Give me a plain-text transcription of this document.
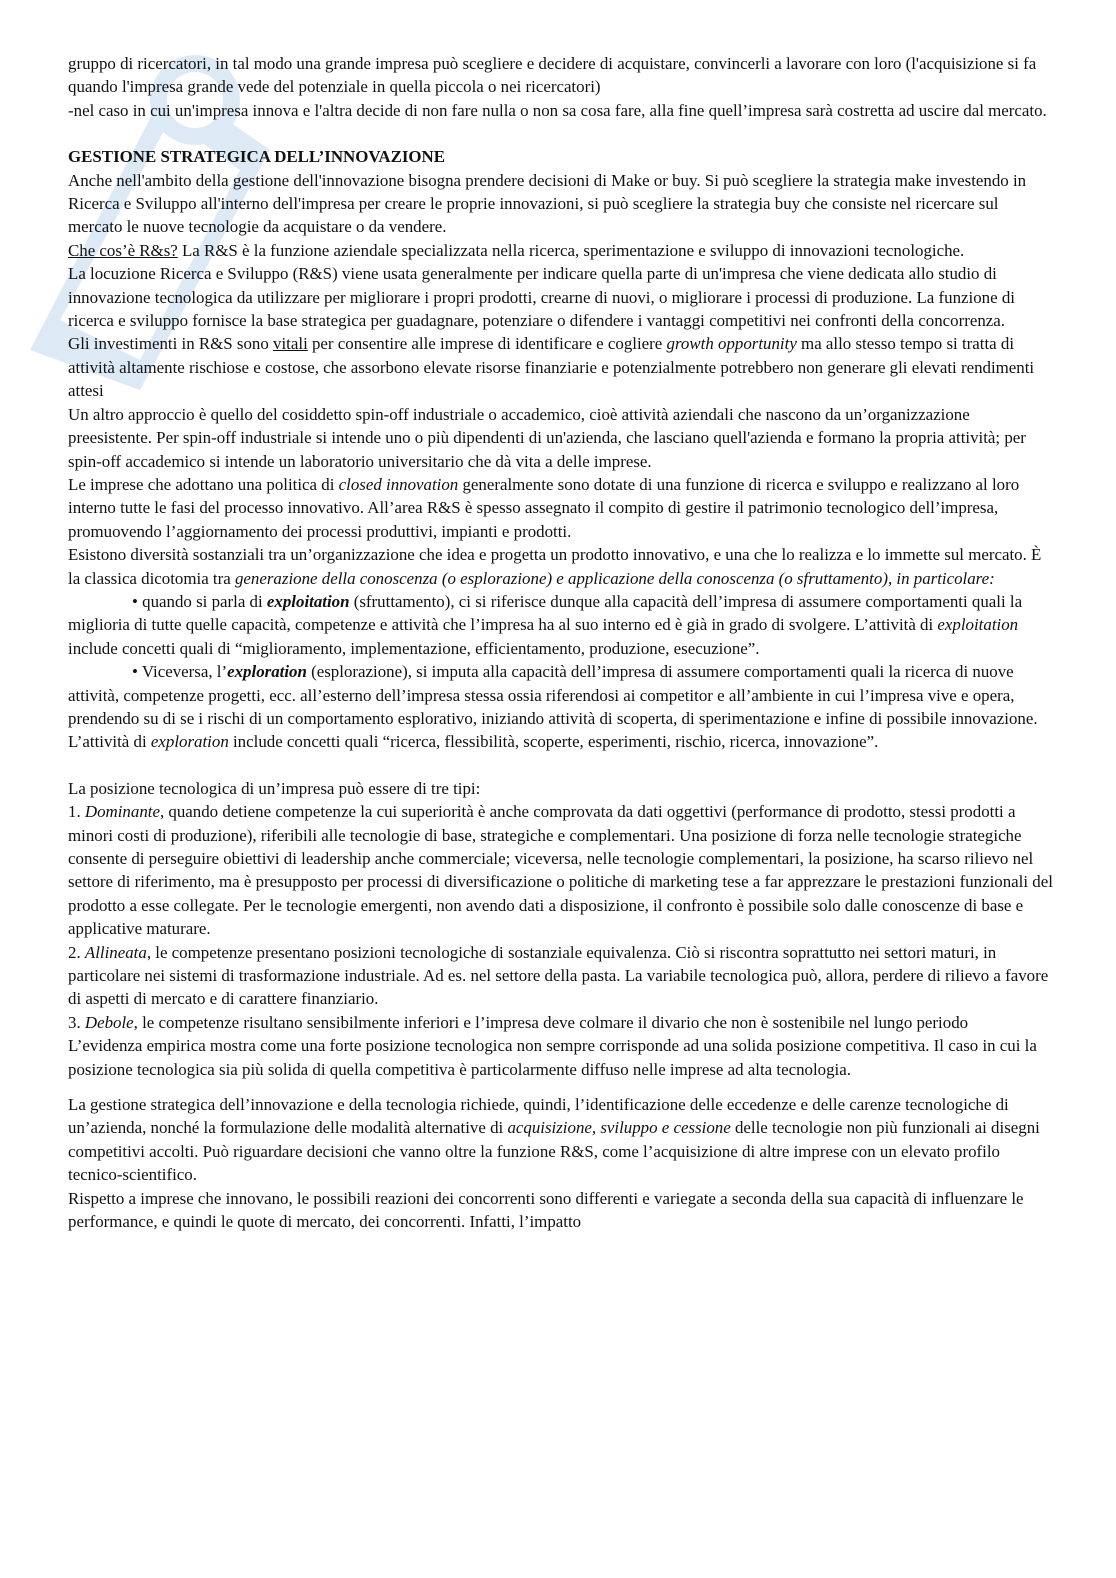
gruppo di ricercatori, in tal modo una grande impresa può scegliere e decidere di acquistare, convincerli a lavorare con loro (l'acquisizione si fa quando l'impresa grande vede del potenziale in quella piccola o nei ricercatori)

-nel caso in cui un'impresa innova e l'altra decide di non fare nulla o non sa cosa fare, alla fine quell’impresa sarà costretta ad uscire dal mercato.

GESTIONE STRATEGICA DELL’INNOVAZIONE

Anche nell'ambito della gestione dell'innovazione bisogna prendere decisioni di Make or buy. Si può scegliere la strategia make investendo in Ricerca e Sviluppo all'interno dell'impresa per creare le proprie innovazioni, si può scegliere la strategia buy che consiste nel ricercare sul mercato le nuove tecnologie da acquistare o da vendere.

Che cos’è R&s? La R&S è la funzione aziendale specializzata nella ricerca, sperimentazione e sviluppo di innovazioni tecnologiche.

La locuzione Ricerca e Sviluppo (R&S) viene usata generalmente per indicare quella parte di un'impresa che viene dedicata allo studio di innovazione tecnologica da utilizzare per migliorare i propri prodotti, crearne di nuovi, o migliorare i processi di produzione. La funzione di ricerca e sviluppo fornisce la base strategica per guadagnare, potenziare o difendere i vantaggi competitivi nei confronti della concorrenza.

Gli investimenti in R&S sono vitali per consentire alle imprese di identificare e cogliere growth opportunity ma allo stesso tempo si tratta di attività altamente rischiose e costose, che assorbono elevate risorse finanziarie e potenzialmente potrebbero non generare gli elevati rendimenti attesi

Un altro approccio è quello del cosiddetto spin-off industriale o accademico, cioè attività aziendali che nascono da un’organizzazione preesistente. Per spin-off industriale si intende uno o più dipendenti di un'azienda, che lasciano quell'azienda e formano la propria attività; per spin-off accademico si intende un laboratorio universitario che dà vita a delle imprese.

Le imprese che adottano una politica di closed innovation generalmente sono dotate di una funzione di ricerca e sviluppo e realizzano al loro interno tutte le fasi del processo innovativo. All’area R&S è spesso assegnato il compito di gestire il patrimonio tecnologico dell’impresa, promuovendo l’aggiornamento dei processi produttivi, impianti e prodotti.

Esistono diversità sostanziali tra un’organizzazione che idea e progetta un prodotto innovativo, e una che lo realizza e lo immette sul mercato. È la classica dicotomia tra generazione della conoscenza (o esplorazione) e applicazione della conoscenza (o sfruttamento), in particolare:

• quando si parla di exploitation (sfruttamento), ci si riferisce dunque alla capacità dell’impresa di assumere comportamenti quali la miglioria di tutte quelle capacità, competenze e attività che l’impresa ha al suo interno ed è già in grado di svolgere. L’attività di exploitation include concetti quali di “miglioramento, implementazione, efficientamento, produzione, esecuzione”.

• Viceversa, l’exploration (esplorazione), si imputa alla capacità dell’impresa di assumere comportamenti quali la ricerca di nuove attività, competenze progetti, ecc. all’esterno dell’impresa stessa ossia riferendosi ai competitor e all’ambiente in cui l’impresa vive e opera, prendendo su di se i rischi di un comportamento esplorativo, iniziando attività di scoperta, di sperimentazione e infine di possibile innovazione. L’attività di exploration include concetti quali “ricerca, flessibilità, scoperte, esperimenti, rischio, ricerca, innovazione”.

La posizione tecnologica di un’impresa può essere di tre tipi:

1. Dominante, quando detiene competenze la cui superiorità è anche comprovata da dati oggettivi (performance di prodotto, stessi prodotti a minori costi di produzione), riferibili alle tecnologie di base, strategiche e complementari. Una posizione di forza nelle tecnologie strategiche consente di perseguire obiettivi di leadership anche commerciale; viceversa, nelle tecnologie complementari, la posizione, ha scarso rilievo nel settore di riferimento, ma è presupposto per processi di diversificazione o politiche di marketing tese a far apprezzare le prestazioni funzionali del prodotto a esse collegate. Per le tecnologie emergenti, non avendo dati a disposizione, il confronto è possibile solo dalle conoscenze di base e applicative maturare.

2. Allineata, le competenze presentano posizioni tecnologiche di sostanziale equivalenza. Ciò si riscontra soprattutto nei settori maturi, in particolare nei sistemi di trasformazione industriale. Ad es. nel settore della pasta. La variabile tecnologica può, allora, perdere di rilievo a favore di aspetti di mercato e di carattere finanziario.

3. Debole, le competenze risultano sensibilmente inferiori e l’impresa deve colmare il divario che non è sostenibile nel lungo periodo

L’evidenza empirica mostra come una forte posizione tecnologica non sempre corrisponde ad una solida posizione competitiva. Il caso in cui la posizione tecnologica sia più solida di quella competitiva è particolarmente diffuso nelle imprese ad alta tecnologia.

La gestione strategica dell’innovazione e della tecnologia richiede, quindi, l’identificazione delle eccedenze e delle carenze tecnologiche di un’azienda, nonché la formulazione delle modalità alternative di acquisizione, sviluppo e cessione delle tecnologie non più funzionali ai disegni competitivi accolti. Può riguardare decisioni che vanno oltre la funzione R&S, come l’acquisizione di altre imprese con un elevato profilo tecnico-scientifico.

Rispetto a imprese che innovano, le possibili reazioni dei concorrenti sono differenti e variegate a seconda della sua capacità di influenzare le performance, e quindi le quote di mercato, dei concorrenti. Infatti, l’impatto
